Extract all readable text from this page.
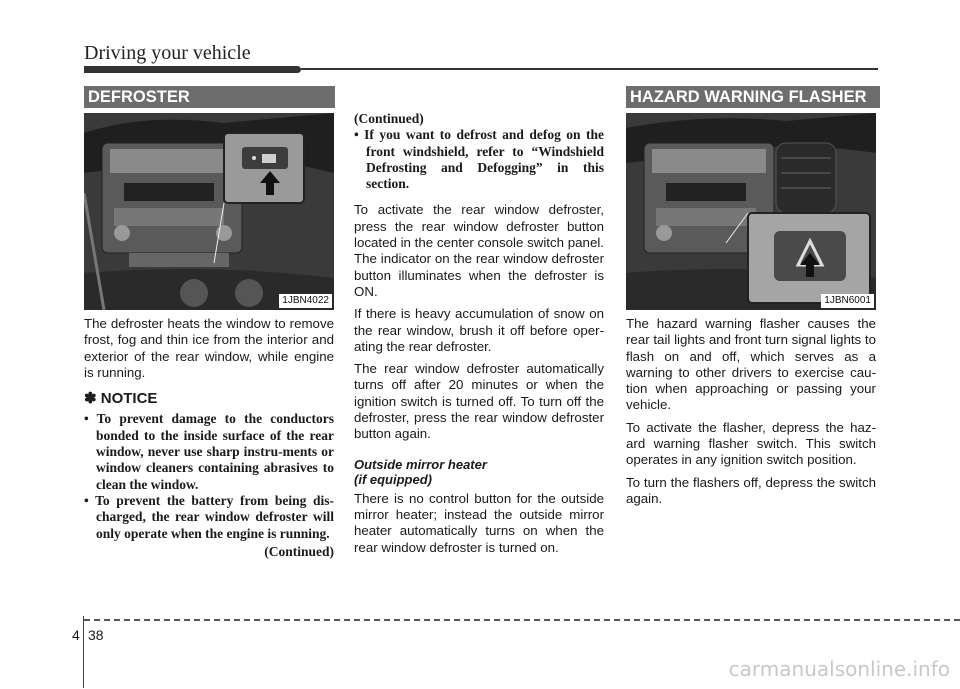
Driving your vehicle
DEFROSTER
1JBN4022

The defroster heats the window to remove frost, fog and thin ice from the interior and exterior of the rear window, while engine is running.

✽ NOTICE
• To prevent damage to the conductors bonded to the inside surface of the rear window, never use sharp instru-ments or window cleaners containing abrasives to clean the window.
• To prevent the battery from being dis-charged, the rear window defroster will only operate when the engine is running.

(Continued)

(Continued)

• If you want to defrost and defog on the front windshield, refer to “Windshield Defrosting and Defogging” in this section.

To activate the rear window defroster, press the rear window defroster button located in the center console switch panel. The indicator on the rear window defroster button illuminates when the defroster is ON.

If there is heavy accumulation of snow on the rear window, brush it off before oper-ating the rear defroster.

The rear window defroster automatically turns off after 20 minutes or when the ignition switch is turned off. To turn off the defroster, press the rear window defroster button again.

Outside mirror heater
(if equipped)

There is no control button for the outside mirror heater; instead the outside mirror heater automatically turns on when the rear window defroster is turned on.

HAZARD WARNING FLASHER
1JBN6001

The hazard warning flasher causes the rear tail lights and front turn signal lights to flash on and off, which serves as a warning to other drivers to exercise cau-tion when approaching or passing your vehicle.

To activate the flasher, depress the haz-ard warning flasher switch. This switch operates in any ignition switch position.

To turn the flashers off, depress the switch again.

4 38
carmanualsonline.info
